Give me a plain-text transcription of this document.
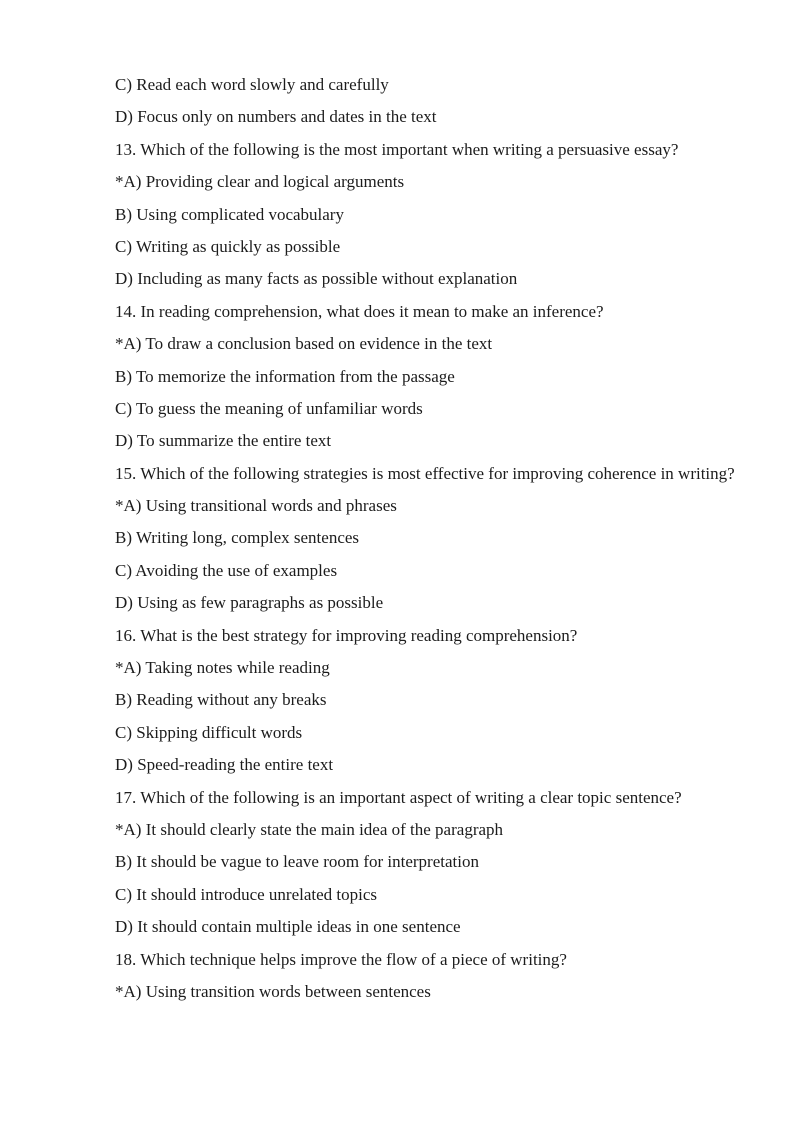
C) Read each word slowly and carefully

D) Focus only on numbers and dates in the text

13. Which of the following is the most important when writing a persuasive essay?

*A) Providing clear and logical arguments

B) Using complicated vocabulary

C) Writing as quickly as possible

D) Including as many facts as possible without explanation

14. In reading comprehension, what does it mean to make an inference?

*A) To draw a conclusion based on evidence in the text

B) To memorize the information from the passage

C) To guess the meaning of unfamiliar words

D) To summarize the entire text

15. Which of the following strategies is most effective for improving coherence in writing?

*A) Using transitional words and phrases

B) Writing long, complex sentences

C) Avoiding the use of examples

D) Using as few paragraphs as possible

16. What is the best strategy for improving reading comprehension?

*A) Taking notes while reading

B) Reading without any breaks

C) Skipping difficult words

D) Speed-reading the entire text

17. Which of the following is an important aspect of writing a clear topic sentence?

*A) It should clearly state the main idea of the paragraph

B) It should be vague to leave room for interpretation

C) It should introduce unrelated topics

D) It should contain multiple ideas in one sentence

18. Which technique helps improve the flow of a piece of writing?

*A) Using transition words between sentences
